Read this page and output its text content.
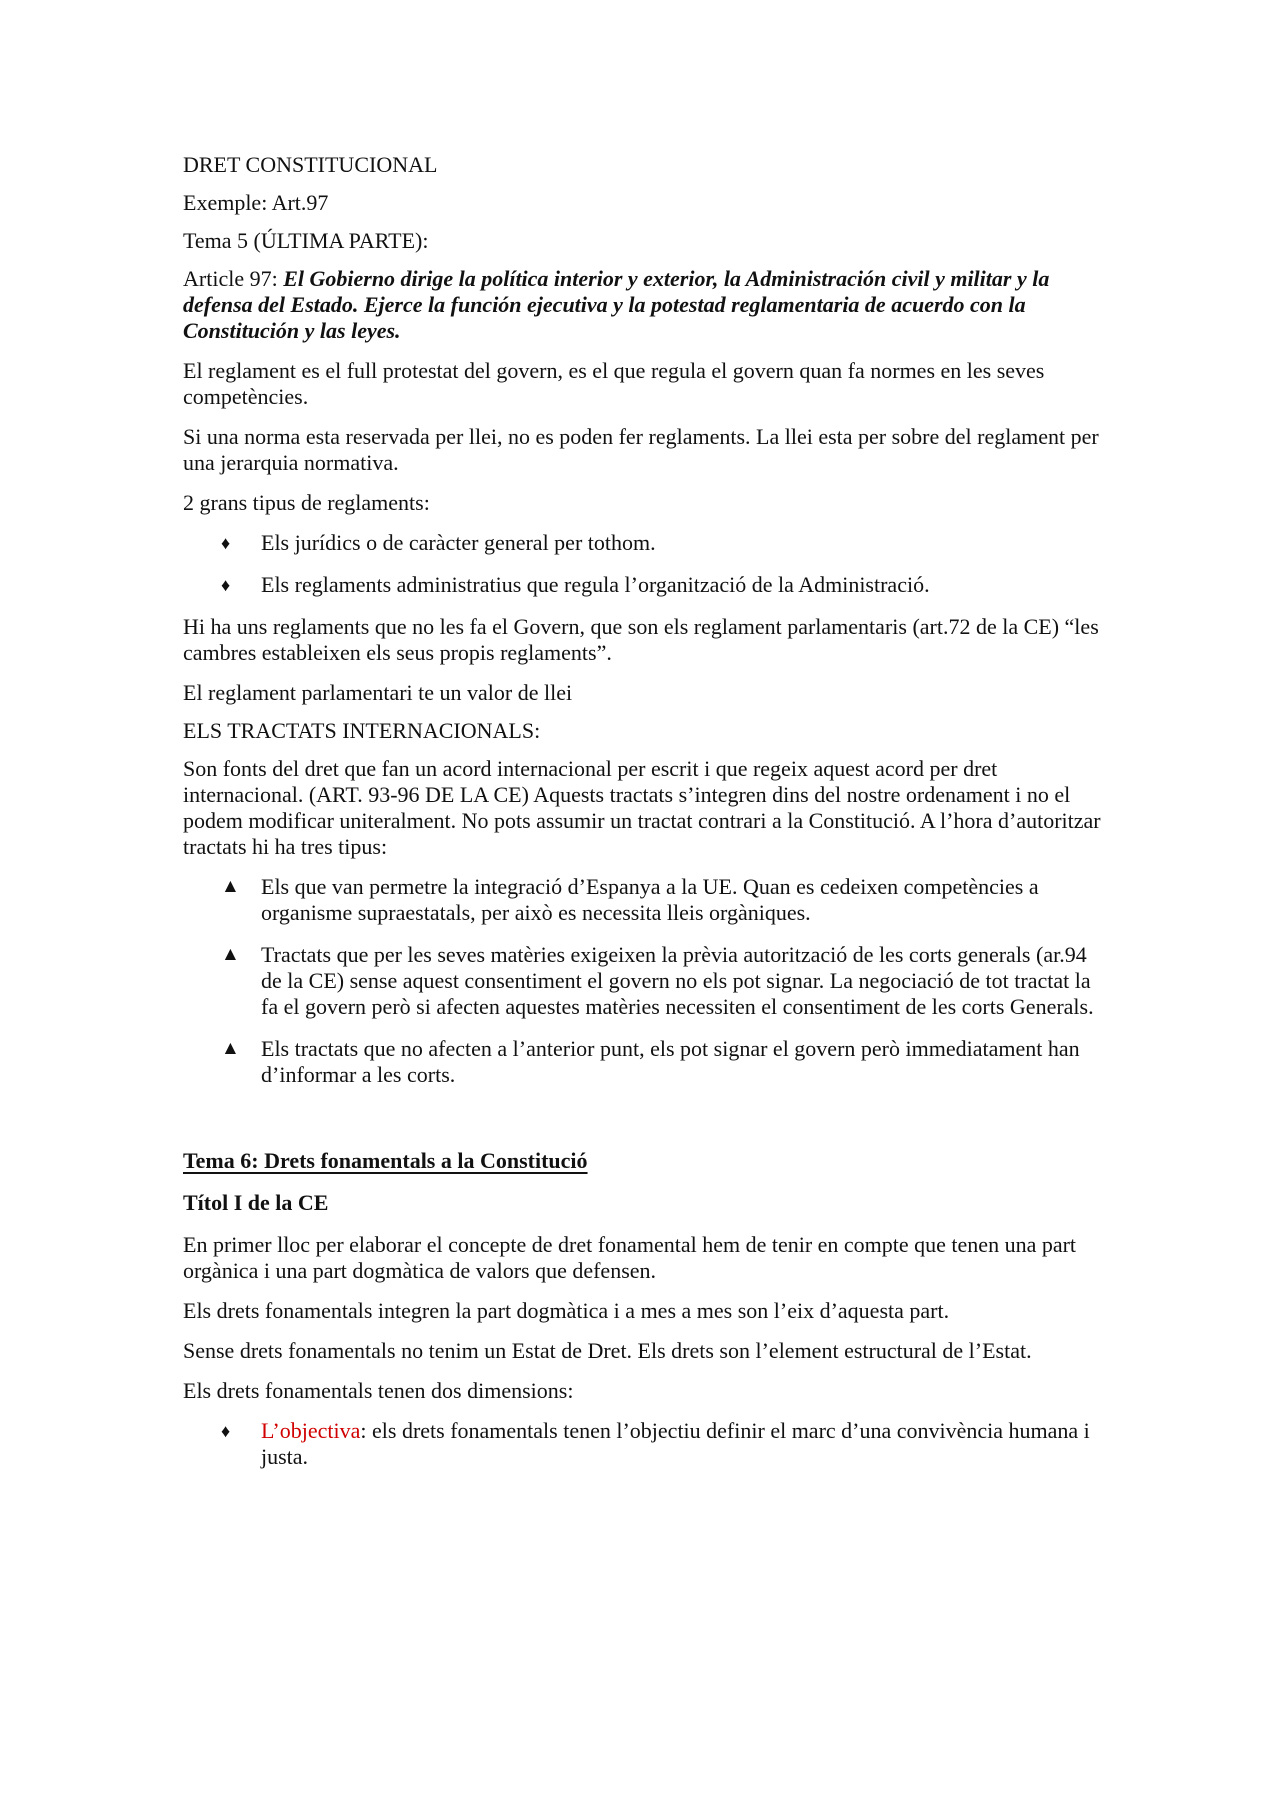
DRET CONSTITUCIONAL

Exemple: Art.97

Tema 5 (ÚLTIMA PARTE):

Article 97: El Gobierno dirige la política interior y exterior, la Administración civil y militar y la defensa del Estado. Ejerce la función ejecutiva y la potestad reglamentaria de acuerdo con la Constitución y las leyes.

El reglament es el full protestat del govern, es el que regula el govern quan fa normes en les seves competències.

Si una norma esta reservada per llei, no es poden fer reglaments. La llei esta per sobre del reglament per una jerarquia normativa.

2 grans tipus de reglaments:

♦	Els jurídics o de caràcter general per tothom.
♦	Els reglaments administratius que regula l’organització de la Administració.

Hi ha uns reglaments que no les fa el Govern, que son els reglament parlamentaris (art.72 de la CE) “les cambres estableixen els seus propis reglaments”.

El reglament parlamentari te un valor de llei

ELS TRACTATS INTERNACIONALS:

Son fonts del dret que fan un acord internacional per escrit i que regeix aquest acord per dret internacional. (ART. 93-96 DE LA CE) Aquests tractats s’integren dins del nostre ordenament i no el podem modificar uniteralment. No pots assumir un tractat contrari a la Constitució. A l’hora d’autoritzar tractats hi ha tres tipus:

▲ Els que van permetre la integració d’Espanya a la UE. Quan es cedeixen competències a organisme supraestatals, per això es necessita lleis orgàniques.
▲ Tractats que per les seves matèries exigeixen la prèvia autorització de les corts generals (ar.94 de la CE) sense aquest consentiment el govern no els pot signar. La negociació de tot tractat la fa el govern però si afecten aquestes matèries necessiten el consentiment de les corts Generals.
▲ Els tractats que no afecten a l’anterior punt, els pot signar el govern però immediatament han d’informar a les corts.

Tema 6: Drets fonamentals a la Constitució

Títol I de la CE

En primer lloc per elaborar el concepte de dret fonamental hem de tenir en compte que tenen una part orgànica i una part dogmàtica de valors que defensen.

Els drets fonamentals integren la part dogmàtica i a mes a mes son l’eix d’aquesta part.

Sense drets fonamentals no tenim un Estat de Dret. Els drets son l’element estructural de l’Estat.

Els drets fonamentals tenen dos dimensions:

♦	L’objectiva: els drets fonamentals tenen l’objectiu definir el marc d’una convivència humana i justa.
